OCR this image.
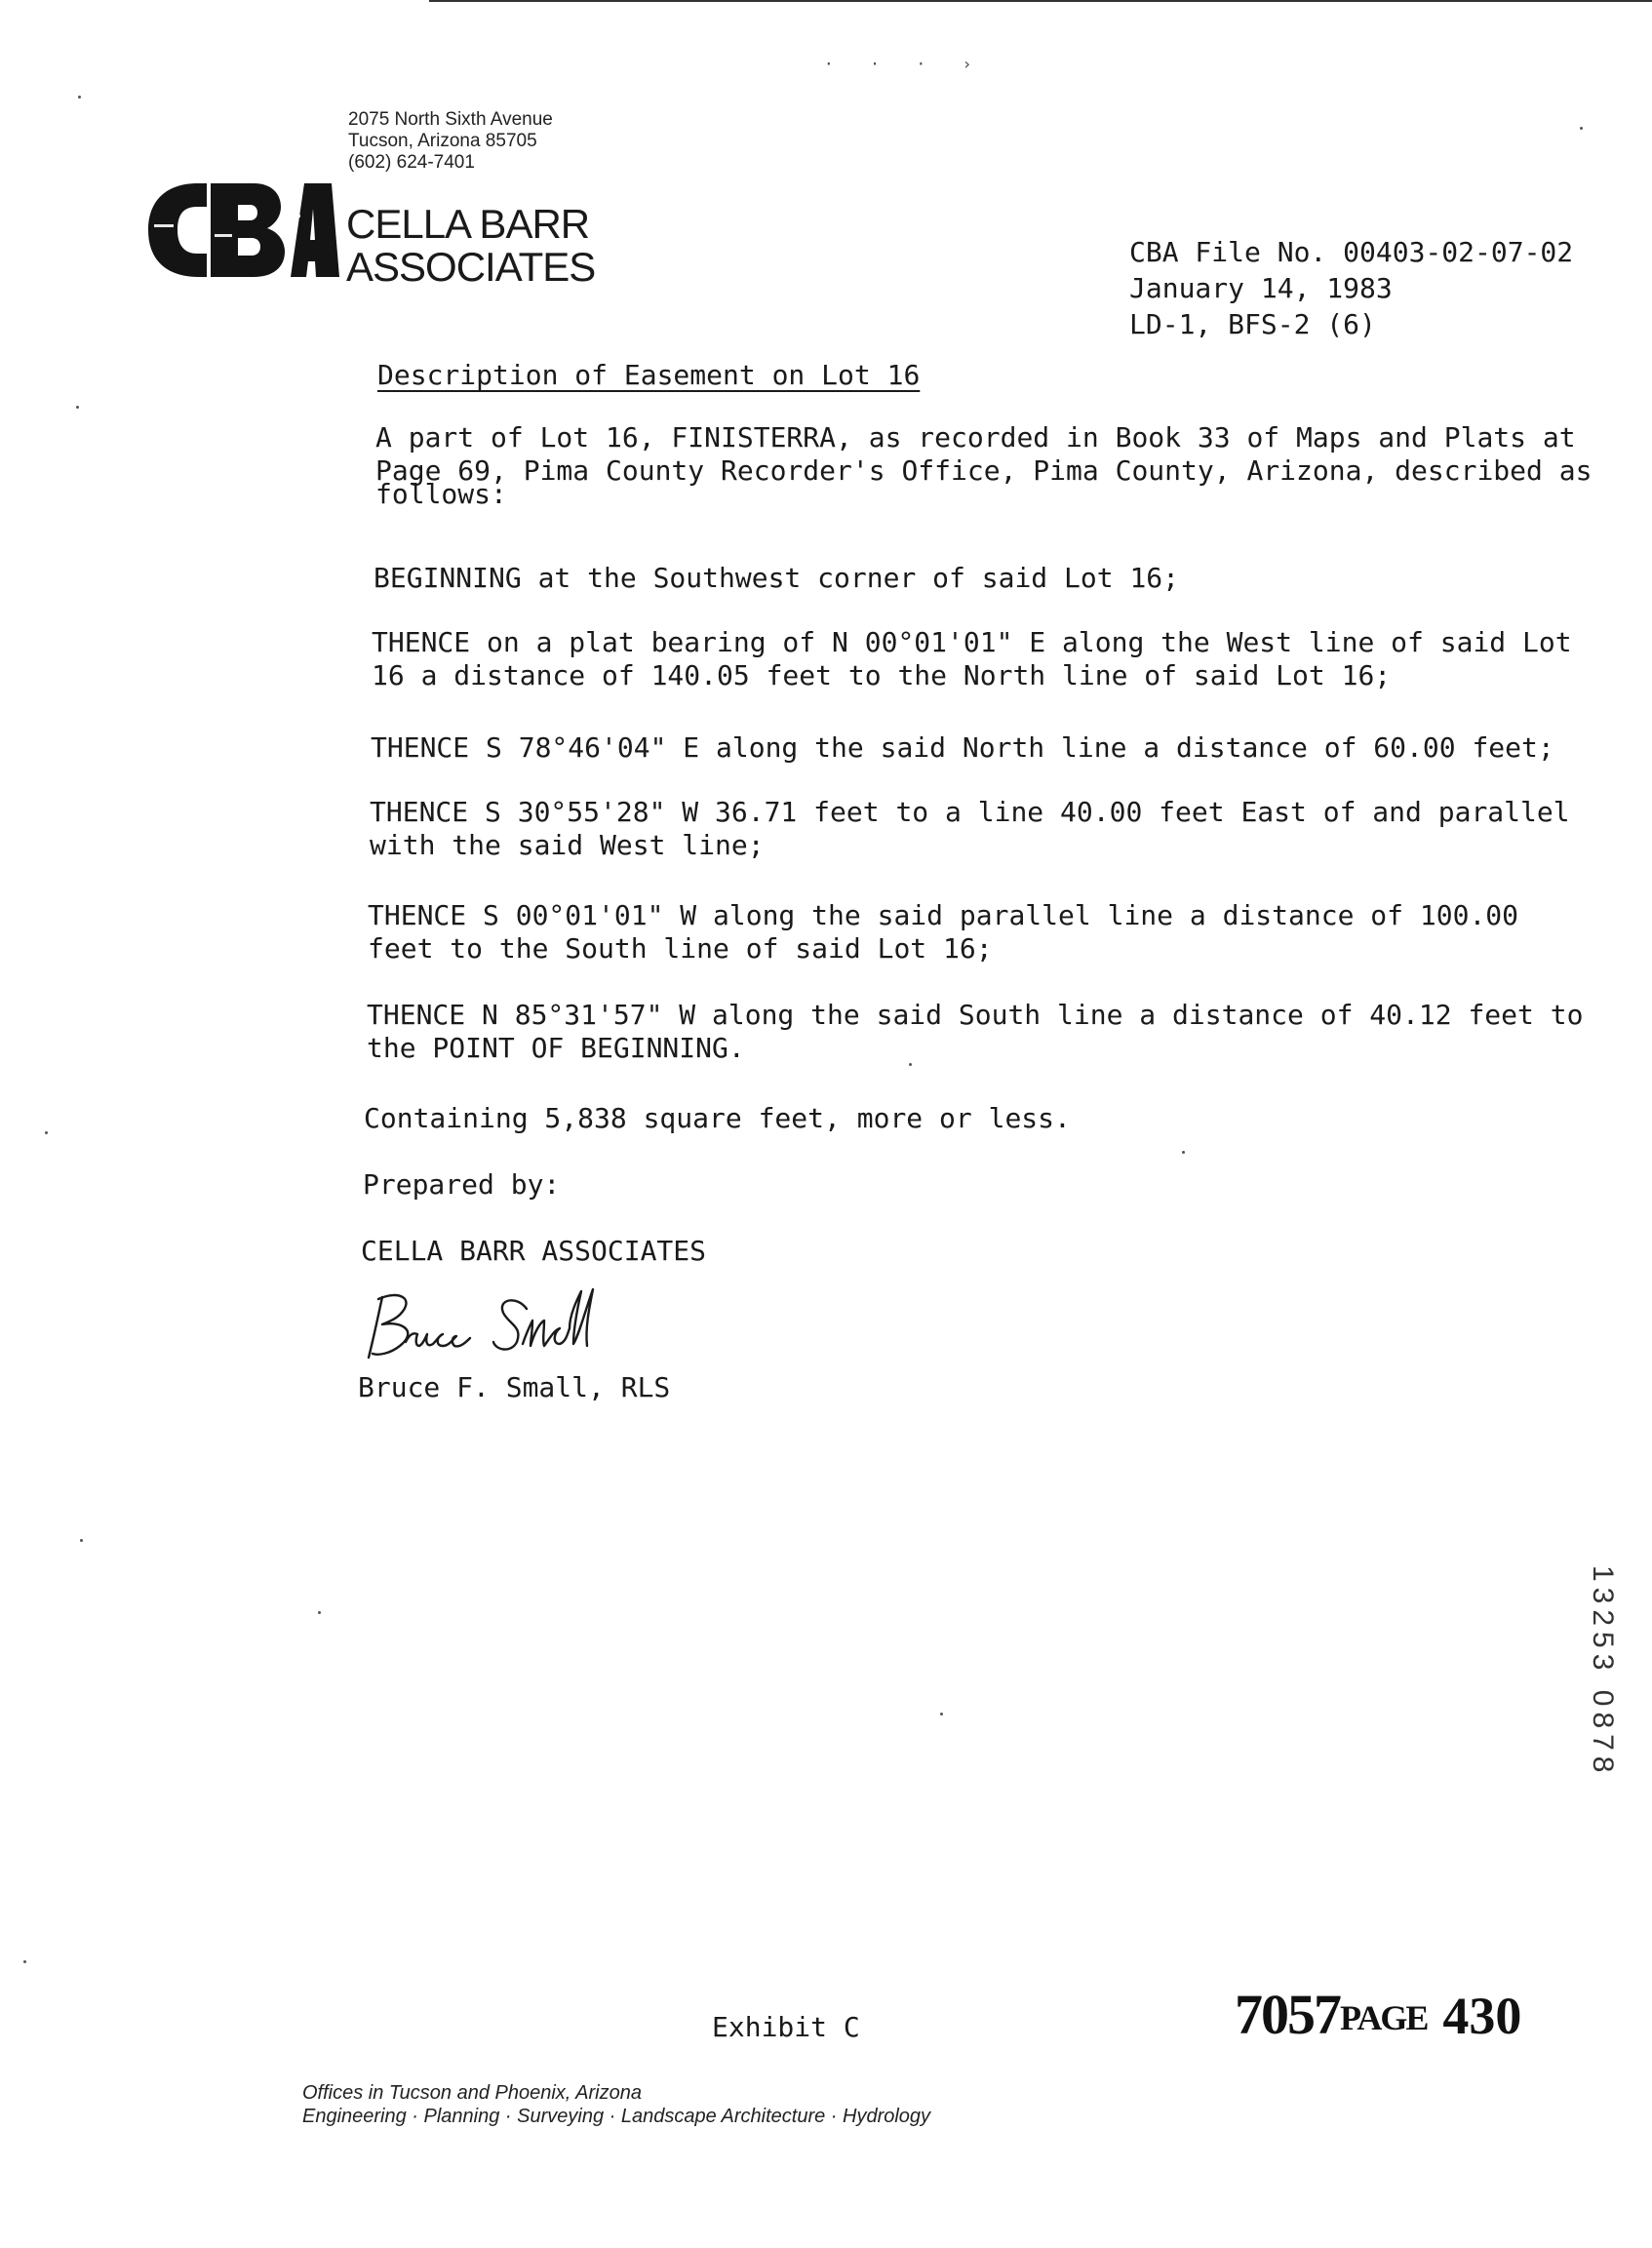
· · · ›
2075 North Sixth Avenue
Tucson, Arizona 85705
(602) 624-7401
CELLA BARR
ASSOCIATES	CBA File No. 00403-02-07-02
January 14, 1983
LD-1, BFS-2 (6)
Description of Easement on Lot 16
A part of Lot 16, FINISTERRA, as recorded in Book 33 of Maps and Plats at
Page 69, Pima County Recorder's Office, Pima County, Arizona, described as
follows:
BEGINNING at the Southwest corner of said Lot 16;
THENCE on a plat bearing of N 00°01'01" E along the West line of said Lot
16 a distance of 140.05 feet to the North line of said Lot 16;
THENCE S 78°46'04" E along the said North line a distance of 60.00 feet;
THENCE S 30°55'28" W 36.71 feet to a line 40.00 feet East of and parallel
with the said West line;
THENCE S 00°01'01" W along the said parallel line a distance of 100.00
feet to the South line of said Lot 16;
THENCE N 85°31'57" W along the said South line a distance of 40.12 feet to
the POINT OF BEGINNING.
Containing 5,838 square feet, more or less.
Prepared by:
CELLA BARR ASSOCIATES
Bruce F. Small, RLS
13253 0878
Exhibit C	7057PAGE 430
Offices in Tucson and Phoenix, Arizona
Engineering · Planning · Surveying · Landscape Architecture · Hydrology
